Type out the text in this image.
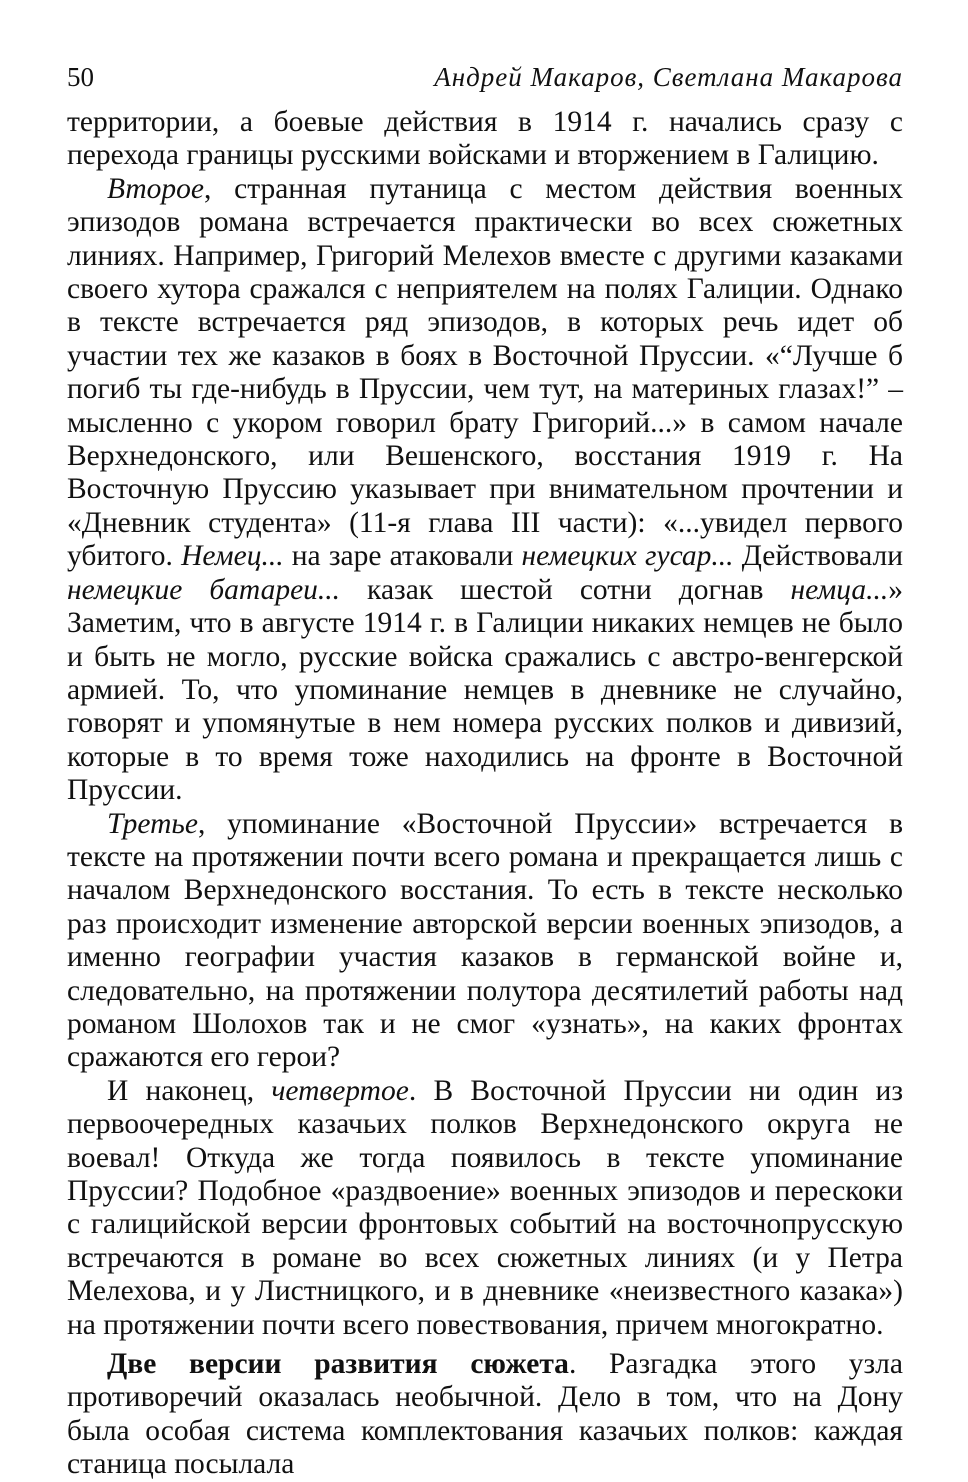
50	Андрей Макаров, Светлана Макарова

территории, а боевые действия в 1914 г. начались сразу с перехода границы русскими войсками и вторжением в Галицию.

Второе, странная путаница с местом действия военных эпизодов романа встречается практически во всех сюжетных линиях. Например, Григорий Мелехов вместе с другими казаками своего хутора сражался с неприятелем на полях Галиции. Однако в тексте встречается ряд эпизодов, в которых речь идет об участии тех же казаков в боях в Восточной Пруссии. «“Лучше б погиб ты где-нибудь в Пруссии, чем тут, на материных глазах!” – мысленно с укором говорил брату Григорий...» в самом начале Верхнедонского, или Вешенского, восстания 1919 г. На Восточную Пруссию указывает при внимательном прочтении и «Дневник студента» (11-я глава III части): «...увидел первого убитого. Немец... на заре атаковали немецких гусар... Действовали немецкие батареи... казак шестой сотни догнав немца...» Заметим, что в августе 1914 г. в Галиции никаких немцев не было и быть не могло, русские войска сражались с австро-венгерской армией. То, что упоминание немцев в дневнике не случайно, говорят и упомянутые в нем номера русских полков и дивизий, которые в то время тоже находились на фронте в Восточной Пруссии.

Третье, упоминание «Восточной Пруссии» встречается в тексте на протяжении почти всего романа и прекращается лишь с началом Верхнедонского восстания. То есть в тексте несколько раз происходит изменение авторской версии военных эпизодов, а именно географии участия казаков в германской войне и, следовательно, на протяжении полутора десятилетий работы над романом Шолохов так и не смог «узнать», на каких фронтах сражаются его герои?

И наконец, четвертое. В Восточной Пруссии ни один из первоочередных казачьих полков Верхнедонского округа не воевал! Откуда же тогда появилось в тексте упоминание Пруссии? Подобное «раздвоение» военных эпизодов и перескоки с галицийской версии фронтовых событий на восточнопрусскую встречаются в романе во всех сюжетных линиях (и у Петра Мелехова, и у Листницкого, и в дневнике «неизвестного казака») на протяжении почти всего повествования, причем многократно.

Две версии развития сюжета. Разгадка этого узла противоречий оказалась необычной. Дело в том, что на Дону была особая система комплектования казачьих полков: каждая станица посылала
